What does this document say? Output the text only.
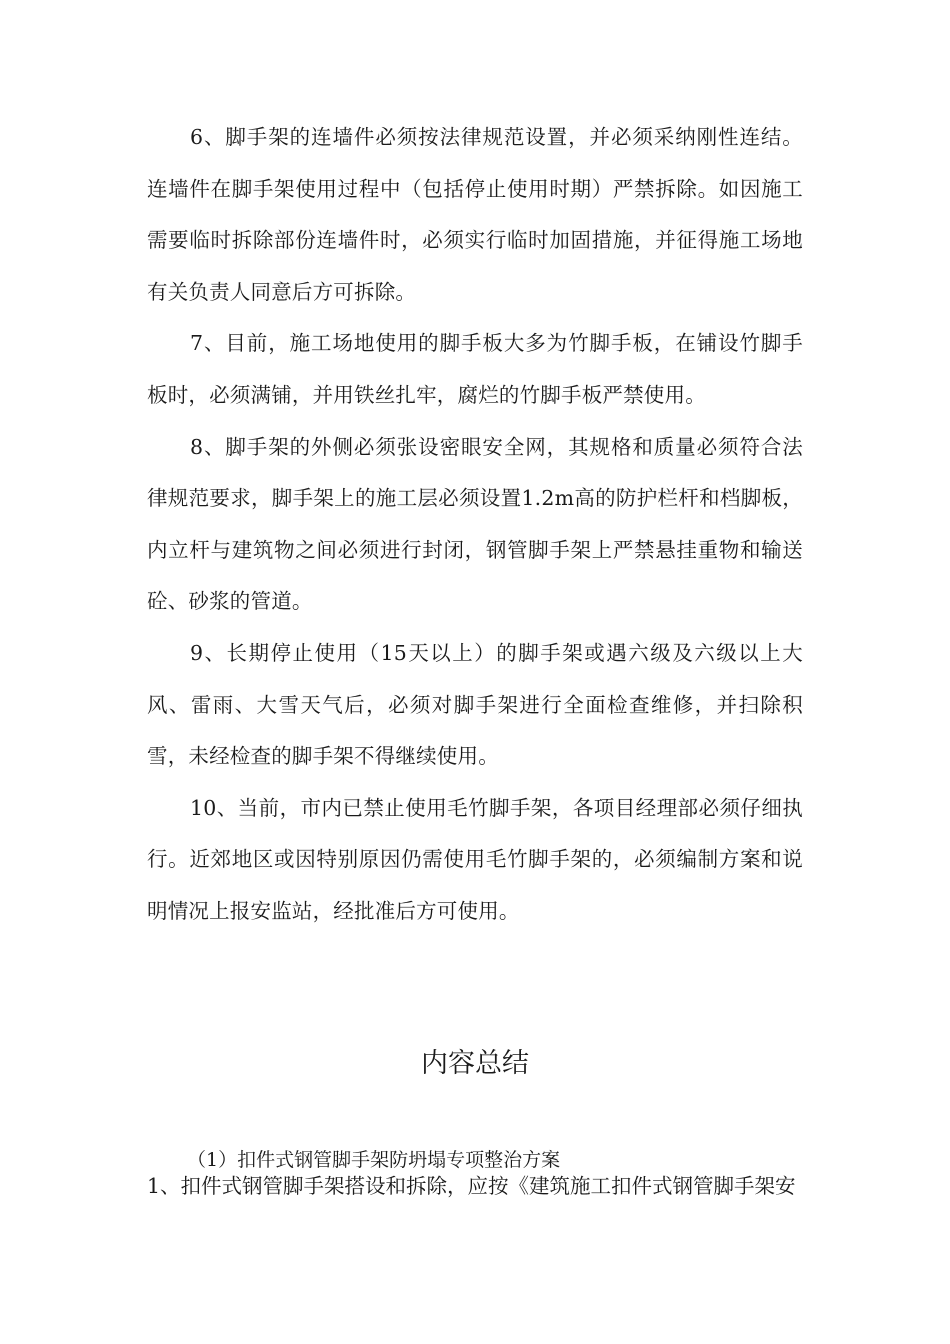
6、脚手架的连墙件必须按法律规范设置，并必须采纳刚性连结。连墙件在脚手架使用过程中（包括停止使用时期）严禁拆除。如因施工需要临时拆除部份连墙件时，必须实行临时加固措施，并征得施工场地有关负责人同意后方可拆除。

7、目前，施工场地使用的脚手板大多为竹脚手板，在铺设竹脚手板时，必须满铺，并用铁丝扎牢，腐烂的竹脚手板严禁使用。

8、脚手架的外侧必须张设密眼安全网，其规格和质量必须符合法律规范要求，脚手架上的施工层必须设置1.2m高的防护栏杆和档脚板，内立杆与建筑物之间必须进行封闭，钢管脚手架上严禁悬挂重物和输送砼、砂浆的管道。

9、长期停止使用（15天以上）的脚手架或遇六级及六级以上大风、雷雨、大雪天气后，必须对脚手架进行全面检查维修，并扫除积雪，未经检查的脚手架不得继续使用。

10、当前，市内已禁止使用毛竹脚手架，各项目经理部必须仔细执行。近郊地区或因特别原因仍需使用毛竹脚手架的，必须编制方案和说明情况上报安监站，经批准后方可使用。

内容总结

（1）扣件式钢管脚手架防坍塌专项整治方案

1、扣件式钢管脚手架搭设和拆除，应按《建筑施工扣件式钢管脚手架安
